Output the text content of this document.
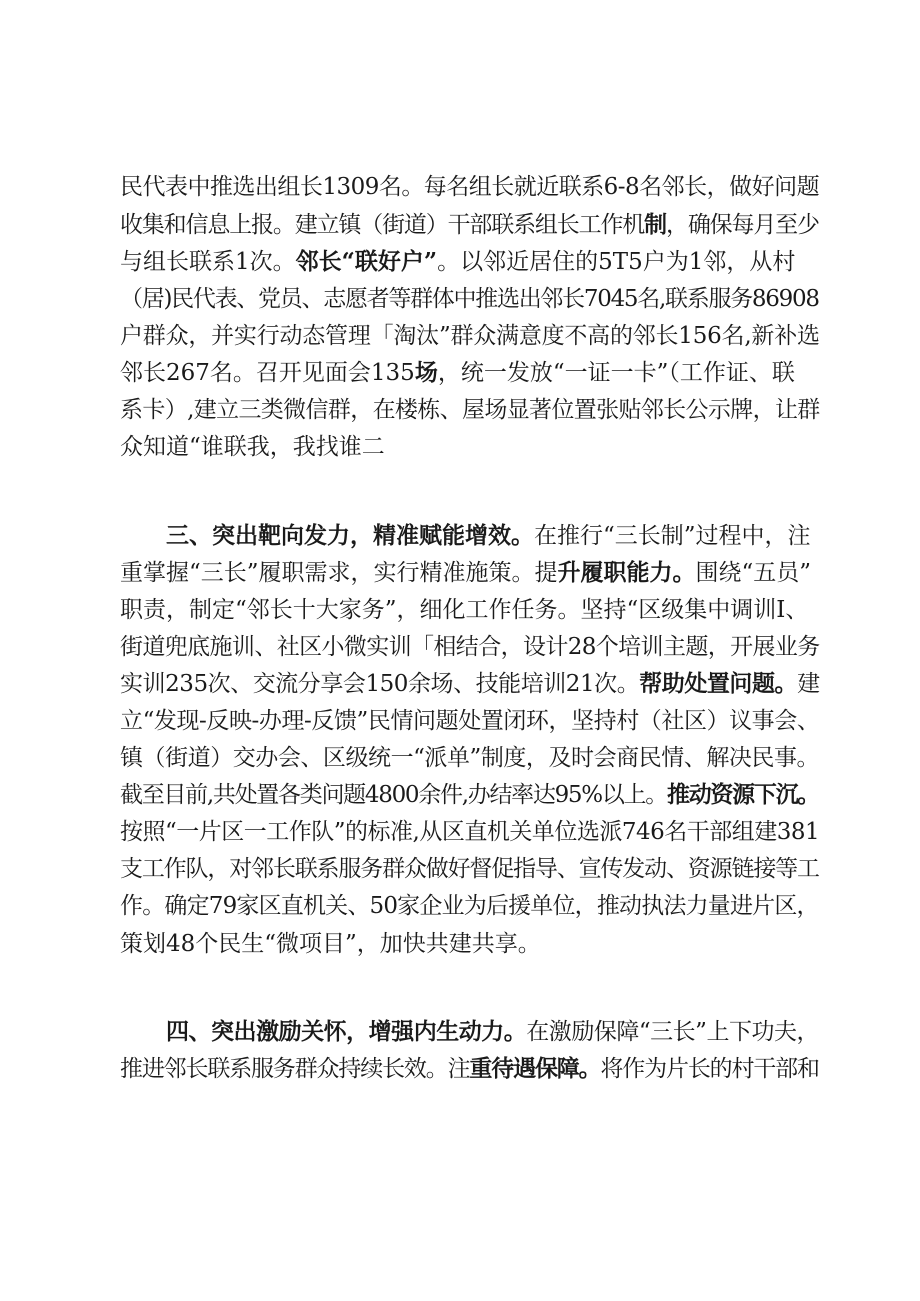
民代表中推选出组长1309名。每名组长就近联系6-8名邻长，做好问题
收集和信息上报。建立镇（街道）干部联系组长工作机制，确保每月至少
与组长联系1次。邻长“联好户”。以邻近居住的5T5户为1邻，从村
（居)民代表、党员、志愿者等群体中推选出邻长7045名,联系服务86908
户群众，并实行动态管理「淘汰”群众满意度不高的邻长156名,新补选
邻长267名。召开见面会135场，统一发放“一证一卡”（工作证、联
系卡）,建立三类微信群，在楼栋、屋场显著位置张贴邻长公示牌，让群
众知道“谁联我，我找谁二
三、突出靶向发力，精准赋能增效。在推行“三长制”过程中，注
重掌握“三长”履职需求，实行精准施策。提升履职能力。围绕“五员”
职责，制定“邻长十大家务”，细化工作任务。坚持“区级集中调训I、
街道兜底施训、社区小微实训「相结合，设计28个培训主题，开展业务
实训235次、交流分享会150余场、技能培训21次。帮助处置问题。建
立“发现-反映-办理-反馈”民情问题处置闭环，坚持村（社区）议事会、
镇（街道）交办会、区级统一“派单”制度，及时会商民情、解决民事。
截至目前,共处置各类问题4800余件,办结率达95%以上。推动资源下沉。
按照“一片区一工作队”的标准,从区直机关单位选派746名干部组建381
支工作队，对邻长联系服务群众做好督促指导、宣传发动、资源链接等工
作。确定79家区直机关、50家企业为后援单位，推动执法力量进片区，
策划48个民生“微项目”，加快共建共享。
四、突出激励关怀，增强内生动力。在激励保障“三长”上下功夫，
推进邻长联系服务群众持续长效。注重待遇保障。将作为片长的村干部和
